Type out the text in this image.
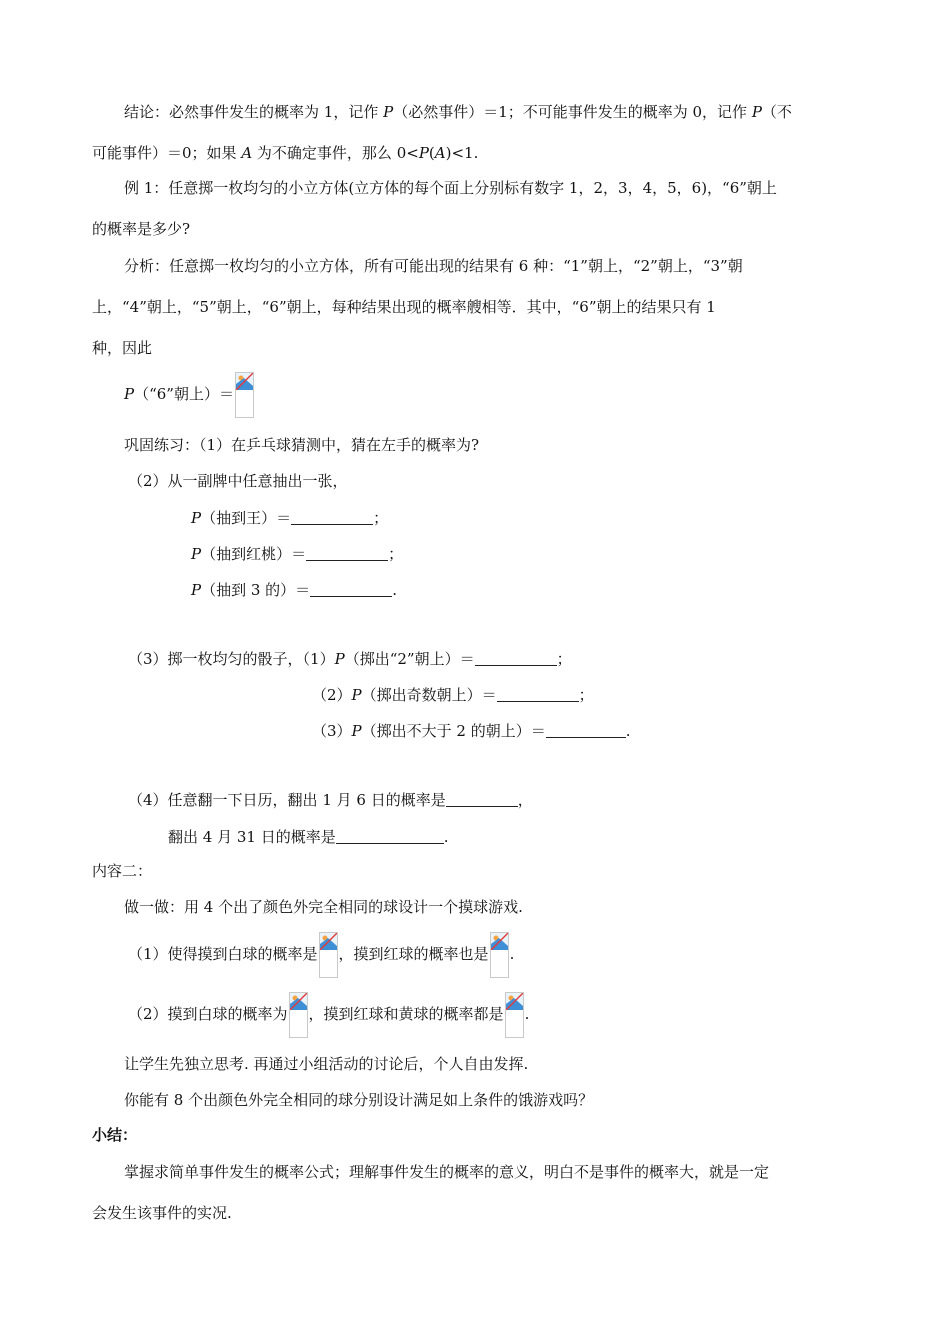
结论：必然事件发生的概率为 1，记作 P（必然事件）＝1；不可能事件发生的概率为 0，记作 P（不
可能事件）＝0；如果 A 为不确定事件，那么 0<P(A)<1.
例 1：任意掷一枚均匀的小立方体(立方体的每个面上分别标有数字 1，2，3，4，5，6)，“6”朝上
的概率是多少?
分析：任意掷一枚均匀的小立方体，所有可能出现的结果有 6 种：“1”朝上，“2”朝上，“3”朝
上，“4”朝上，“5”朝上，“6”朝上，每种结果出现的概率艘相等．其中，“6”朝上的结果只有 1
种，因此
P（“6”朝上）＝
巩固练习：（1）在乒乓球猜测中，猜在左手的概率为?
（2）从一副牌中任意抽出一张，
P（抽到王）＝	；
P（抽到红桃）＝	；
P（抽到 3 的）＝	.
（3）掷一枚均匀的骰子，（1）P（掷出“2”朝上）＝	；
（2）P（掷出奇数朝上）＝	；
（3）P（掷出不大于 2 的朝上）＝	.
（4）任意翻一下日历，翻出 1 月 6 日的概率是	，
翻出 4 月 31 日的概率是	.
内容二：
做一做：用 4 个出了颜色外完全相同的球设计一个摸球游戏.
（1）使得摸到白球的概率是 ，摸到红球的概率也是 .
（2）摸到白球的概率为 ，摸到红球和黄球的概率都是 .
让学生先独立思考. 再通过小组活动的讨论后，个人自由发挥.
你能有 8 个出颜色外完全相同的球分别设计满足如上条件的饿游戏吗？
小结：
掌握求简单事件发生的概率公式；理解事件发生的概率的意义，明白不是事件的概率大，就是一定
会发生该事件的实况.
